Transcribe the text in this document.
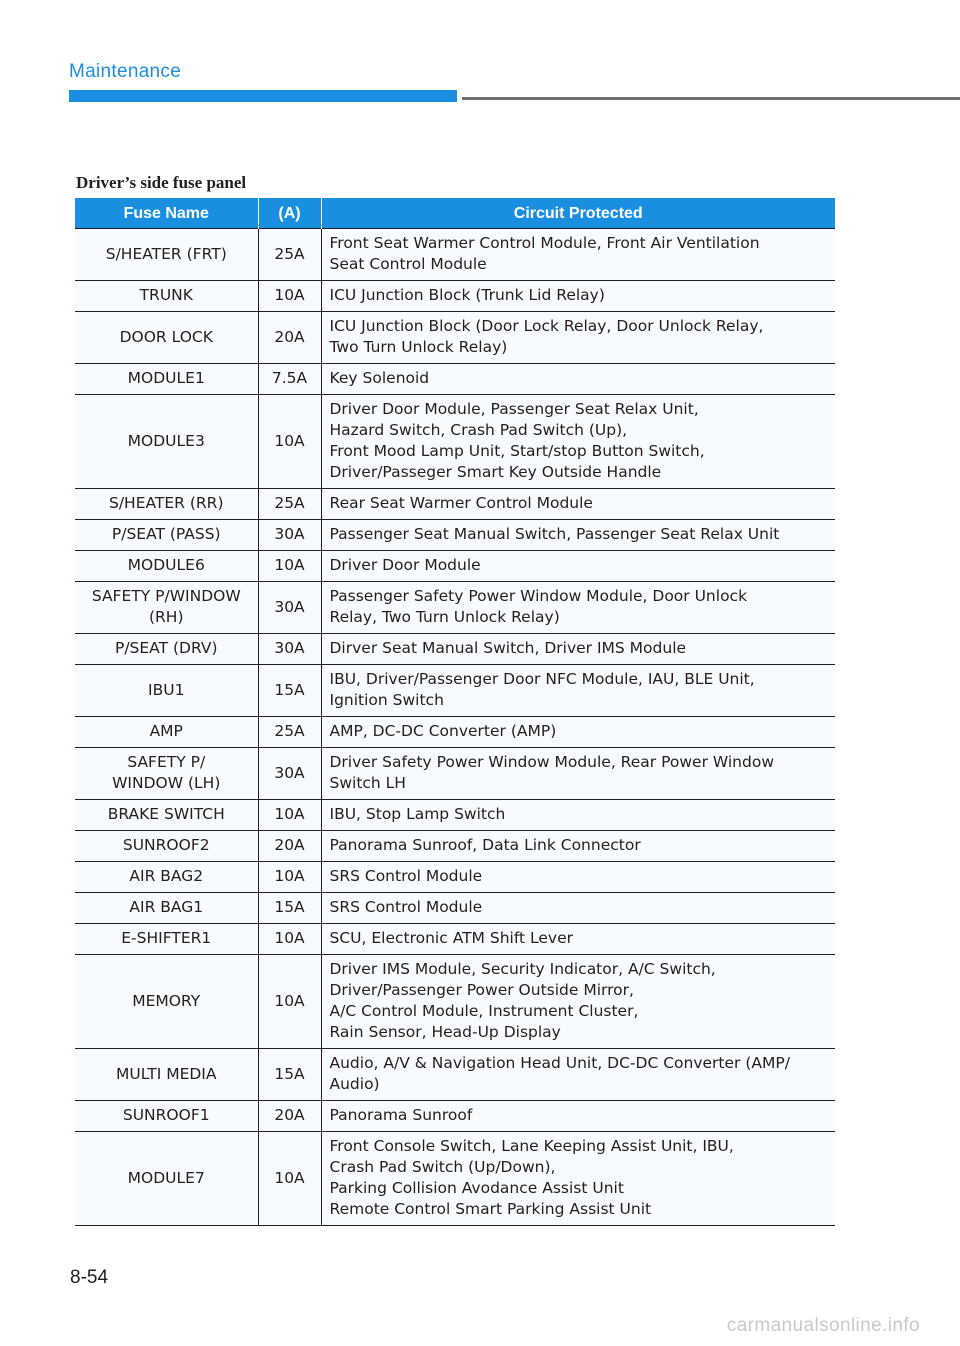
Maintenance
Driver’s side fuse panel
Fuse Name	(A)	Circuit Protected
S/HEATER (FRT)	25A	Front Seat Warmer Control Module, Front Air Ventilation
Seat Control Module
TRUNK	10A	ICU Junction Block (Trunk Lid Relay)
DOOR LOCK	20A	ICU Junction Block (Door Lock Relay, Door Unlock Relay,
Two Turn Unlock Relay)
MODULE1	7.5A	Key Solenoid
MODULE3	10A	Driver Door Module, Passenger Seat Relax Unit,
Hazard Switch, Crash Pad Switch (Up),
Front Mood Lamp Unit, Start/stop Button Switch,
Driver/Passeger Smart Key Outside Handle
S/HEATER (RR)	25A	Rear Seat Warmer Control Module
P/SEAT (PASS)	30A	Passenger Seat Manual Switch, Passenger Seat Relax Unit
MODULE6	10A	Driver Door Module
SAFETY P/WINDOW
(RH)	30A	Passenger Safety Power Window Module, Door Unlock
Relay, Two Turn Unlock Relay)
P/SEAT (DRV)	30A	Dirver Seat Manual Switch, Driver IMS Module
IBU1	15A	IBU, Driver/Passenger Door NFC Module, IAU, BLE Unit,
Ignition Switch
AMP	25A	AMP, DC-DC Converter (AMP)
SAFETY P/
WINDOW (LH)	30A	Driver Safety Power Window Module, Rear Power Window
Switch LH
BRAKE SWITCH	10A	IBU, Stop Lamp Switch
SUNROOF2	20A	Panorama Sunroof, Data Link Connector
AIR BAG2	10A	SRS Control Module
AIR BAG1	15A	SRS Control Module
E-SHIFTER1	10A	SCU, Electronic ATM Shift Lever
MEMORY	10A	Driver IMS Module, Security Indicator, A/C Switch,
Driver/Passenger Power Outside Mirror,
A/C Control Module, Instrument Cluster,
Rain Sensor, Head-Up Display
MULTI MEDIA	15A	Audio, A/V & Navigation Head Unit, DC-DC Converter (AMP/
Audio)
SUNROOF1	20A	Panorama Sunroof
MODULE7	10A	Front Console Switch, Lane Keeping Assist Unit, IBU,
Crash Pad Switch (Up/Down),
Parking Collision Avodance Assist Unit
Remote Control Smart Parking Assist Unit
8-54
carmanualsonline.info
